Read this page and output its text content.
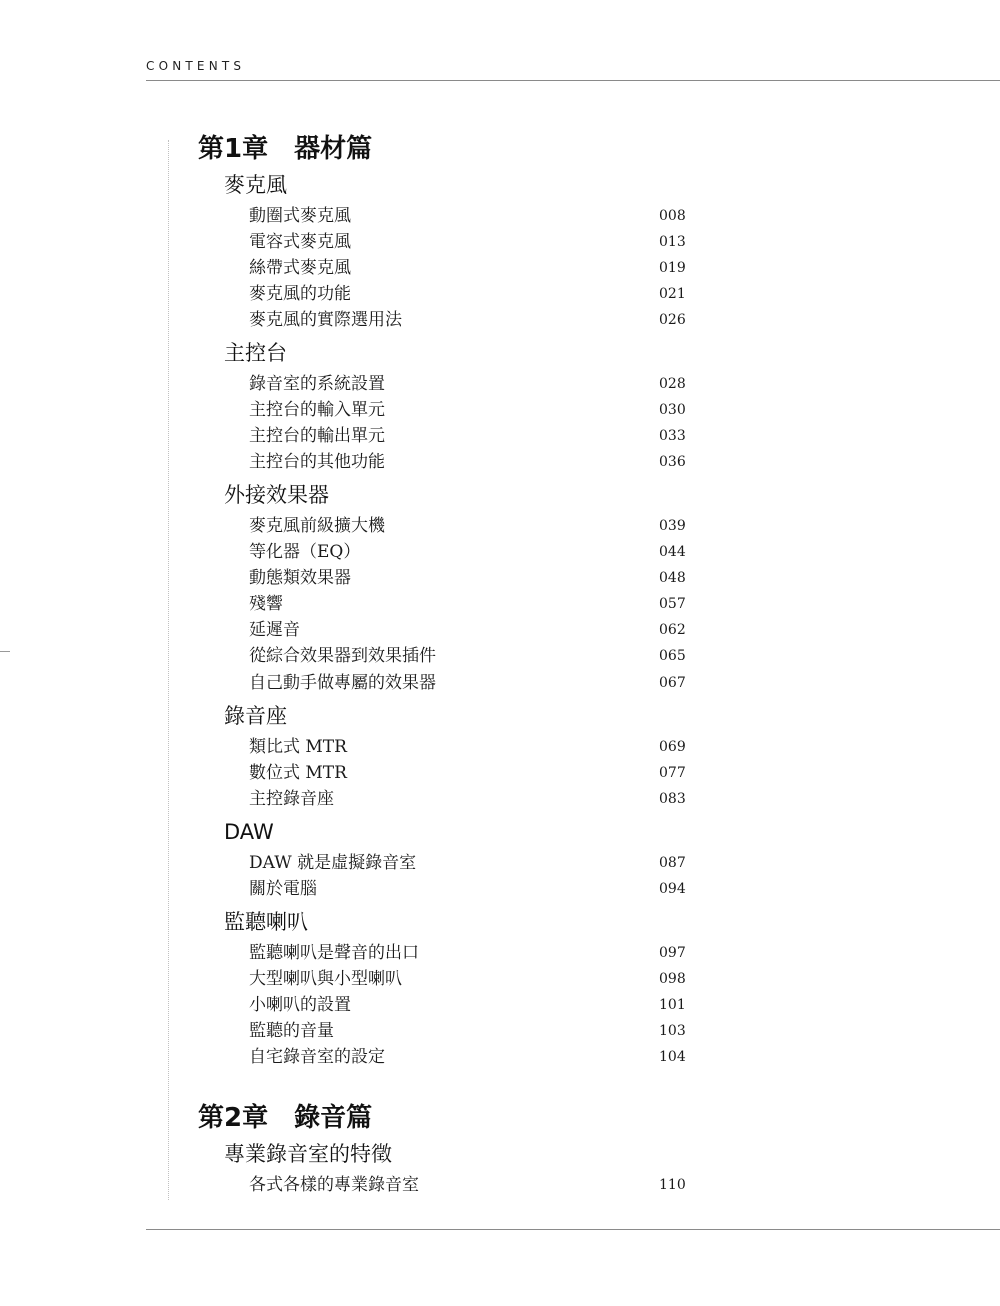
CONTENTS
第1章 器材篇
麥克風
動圈式麥克風	008
電容式麥克風	013
絲帶式麥克風	019
麥克風的功能	021
麥克風的實際選用法	026
主控台
錄音室的系統設置	028
主控台的輸入單元	030
主控台的輸出單元	033
主控台的其他功能	036
外接效果器
麥克風前級擴大機	039
等化器（EQ）	044
動態類效果器	048
殘響	057
延遲音	062
從綜合效果器到效果插件	065
自己動手做專屬的效果器	067
錄音座
類比式 MTR	069
數位式 MTR	077
主控錄音座	083
DAW
DAW 就是虛擬錄音室	087
關於電腦	094
監聽喇叭
監聽喇叭是聲音的出口	097
大型喇叭與小型喇叭	098
小喇叭的設置	101
監聽的音量	103
自宅錄音室的設定	104
第2章 錄音篇
專業錄音室的特徵
各式各樣的專業錄音室	110
